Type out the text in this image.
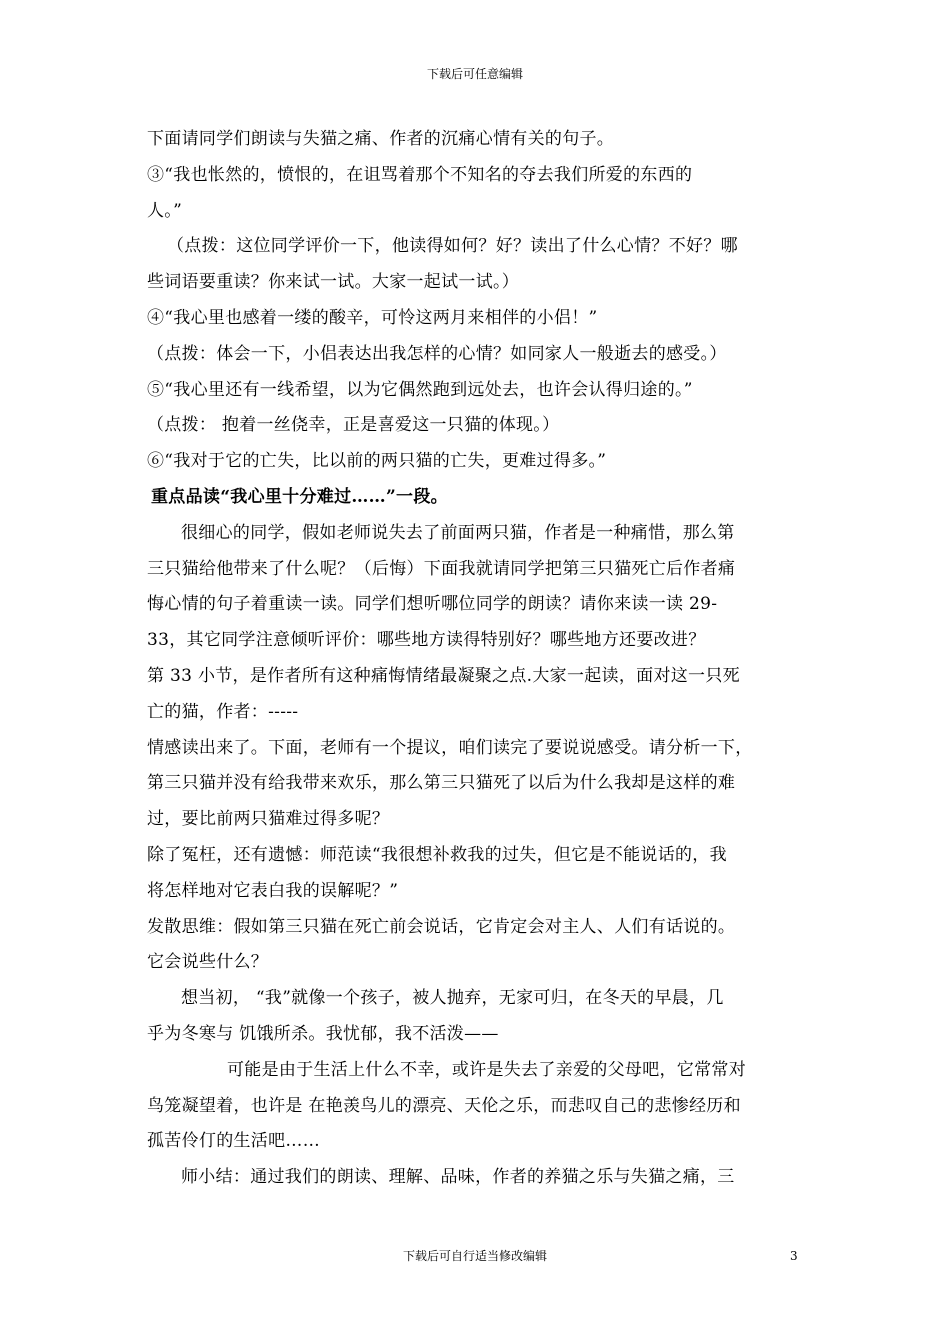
下载后可任意编辑
下面请同学们朗读与失猫之痛、作者的沉痛心情有关的句子。
③“我也怅然的，愤恨的，在诅骂着那个不知名的夺去我们所爱的东西的
人。”
（点拨：这位同学评价一下，他读得如何？好？读出了什么心情？不好？哪
些词语要重读？你来试一试。大家一起试一试。）
④“我心里也感着一缕的酸辛，可怜这两月来相伴的小侣！”
（点拨：体会一下，小侣表达出我怎样的心情？如同家人一般逝去的感受。）
⑤“我心里还有一线希望，以为它偶然跑到远处去，也许会认得归途的。”
（点拨： 抱着一丝侥幸，正是喜爱这一只猫的体现。）
⑥“我对于它的亡失，比以前的两只猫的亡失，更难过得多。”
重点品读“我心里十分难过……”一段。
很细心的同学，假如老师说失去了前面两只猫，作者是一种痛惜，那么第
三只猫给他带来了什么呢？（后悔）下面我就请同学把第三只猫死亡后作者痛
悔心情的句子着重读一读。同学们想听哪位同学的朗读？请你来读一读 29-
33，其它同学注意倾听评价：哪些地方读得特别好？哪些地方还要改进？
第 33 小节，是作者所有这种痛悔情绪最凝聚之点.大家一起读，面对这一只死
亡的猫，作者：-----
情感读出来了。下面，老师有一个提议，咱们读完了要说说感受。请分析一下，
第三只猫并没有给我带来欢乐，那么第三只猫死了以后为什么我却是这样的难
过，要比前两只猫难过得多呢？
除了冤枉，还有遗憾：师范读“我很想补救我的过失，但它是不能说话的，我
将怎样地对它表白我的误解呢？”
发散思维：假如第三只猫在死亡前会说话，它肯定会对主人、人们有话说的。
它会说些什么？
想当初， “我”就像一个孩子，被人抛弃，无家可归，在冬天的早晨，几
乎为冬寒与 饥饿所杀。我忧郁，我不活泼——
可能是由于生活上什么不幸，或许是失去了亲爱的父母吧，它常常对
鸟笼凝望着，也许是 在艳羡鸟儿的漂亮、天伦之乐，而悲叹自己的悲惨经历和
孤苦伶仃的生活吧……
师小结：通过我们的朗读、理解、品味，作者的养猫之乐与失猫之痛，三
下载后可自行适当修改编辑	3
